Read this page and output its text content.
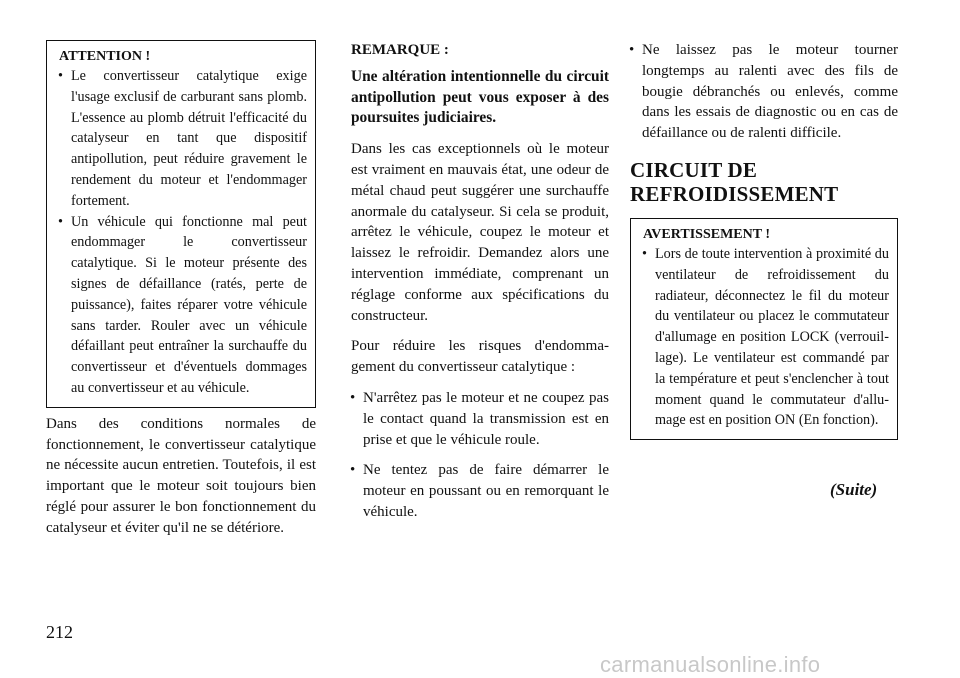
ATTENTION !

• Le convertisseur catalytique exige l'usage exclusif de carburant sans plomb. L'essence au plomb détruit l'efficacité du catalyseur en tant que dispositif antipollution, peut réduire gravement le rendement du moteur et l'endommager fortement.
• Un véhicule qui fonctionne mal peut endommager le convertisseur catalytique. Si le moteur présente des signes de défaillance (ratés, perte de puissance), faites réparer votre véhicule sans tarder. Rouler avec un véhicule défaillant peut entraîner la surchauffe du convertisseur et d'éventuels dommages au convertisseur et au véhicule.

Dans des conditions normales de fonctionnement, le convertisseur catalytique ne nécessite aucun entretien. Toutefois, il est important que le moteur soit toujours bien réglé pour assurer le bon fonctionnement du catalyseur et éviter qu'il ne se détériore.

REMARQUE :

Une altération intentionnelle du circuit antipollution peut vous exposer à des poursuites judiciaires.

Dans les cas exceptionnels où le moteur est vraiment en mauvais état, une odeur de métal chaud peut suggérer une surchauffe anormale du catalyseur. Si cela se produit, arrêtez le véhicule, coupez le moteur et laissez le refroidir. Demandez alors une intervention immédiate, comprenant un réglage conforme aux spécifications du constructeur.

Pour réduire les risques d'endommagement du convertisseur catalytique :

• N'arrêtez pas le moteur et ne coupez pas le contact quand la transmission est en prise et que le véhicule roule.
• Ne tentez pas de faire démarrer le moteur en poussant ou en remorquant le véhicule.
• Ne laissez pas le moteur tourner longtemps au ralenti avec des fils de bougie débranchés ou enlevés, comme dans les essais de diagnostic ou en cas de défaillance ou de ralenti difficile.
CIRCUIT DE
REFROIDISSEMENT

AVERTISSEMENT !

• Lors de toute intervention à proximité du ventilateur de refroidissement du radiateur, déconnectez le fil du moteur du ventilateur ou placez le commutateur d'allumage en position LOCK (verrouillage). Le ventilateur est commandé par la température et peut s'enclencher à tout moment quand le commutateur d'allumage est en position ON (En fonction).
(Suite)
212
carmanualsonline.info
